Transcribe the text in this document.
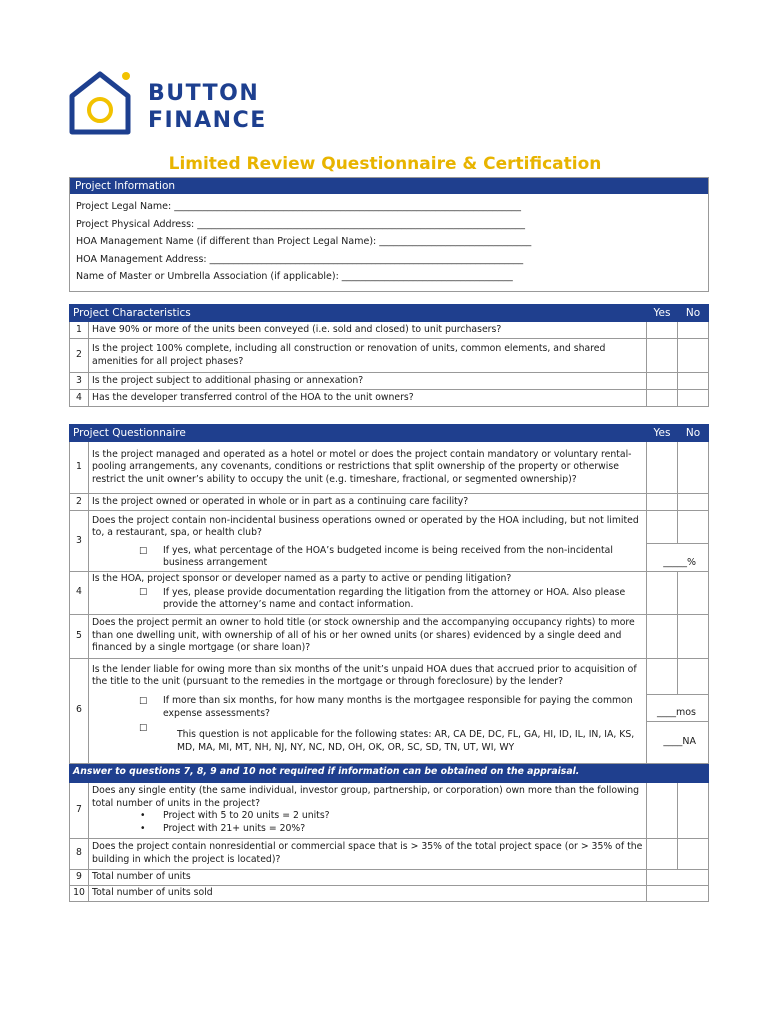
BUTTON
FINANCE
Limited Review Questionnaire & Certification
Project Information
Project Legal Name: _________________________________________________________________________
Project Physical Address: _____________________________________________________________________
HOA Management Name (if different than Project Legal Name): ________________________________
HOA Management Address: __________________________________________________________________
Name of Master or Umbrella Association (if applicable): ____________________________________
Project Characteristics		Yes	No
1	Have 90% or more of the units been conveyed (i.e. sold and closed) to unit purchasers?		
2	Is the project 100% complete, including all construction or renovation of units, common elements, and shared amenities for all project phases?		
3	Is the project subject to additional phasing or annexation?		
4	Has the developer transferred control of the HOA to the unit owners?		
Project Questionnaire		Yes	No
1	Is the project managed and operated as a hotel or motel or does the project contain mandatory or voluntary rental-pooling arrangements, any covenants, conditions or restrictions that split ownership of the property or otherwise restrict the unit owner’s ability to occupy the unit (e.g. timeshare, fractional, or segmented ownership)?		
2	Is the project owned or operated in whole or in part as a continuing care facility?		
3	Does the project contain non-incidental business operations owned or operated by the HOA including, but not limited to, a restaurant, spa, or health club?		

	☐ If yes, what percentage of the HOA’s budgeted income is being received from the non-incidental business arrangement	_____%	
4	Is the HOA, project sponsor or developer named as a party to active or pending litigation?
☐ If yes, please provide documentation regarding the litigation from the attorney or HOA. Also please provide the attorney’s name and contact information.		

5	Does the project permit an owner to hold title (or stock ownership and the accompanying occupancy rights) to more than one dwelling unit, with ownership of all of his or her owned units (or shares) evidenced by a single deed and financed by a single mortgage (or share loan)?		
6	Is the lender liable for owing more than six months of the unit’s unpaid HOA dues that accrued prior to acquisition of the title to the unit (pursuant to the remedies in the mortgage or through foreclosure) by the lender?		

	☐ If more than six months, for how many months is the mortgagee responsible for paying the common expense assessments?	____mos	

	☐
This question is not applicable for the following states: AR, CA DE, DC, FL, GA, HI, ID, IL, IN, IA, KS, MD, MA, MI, MT, NH, NJ, NY, NC, ND, OH, OK, OR, SC, SD, TN, UT, WI, WY	____NA	
Answer to questions 7, 8, 9 and 10 not required if information can be obtained on the appraisal.			
7	Does any single entity (the same individual, investor group, partnership, or corporation) own more than the following total number of units in the project?
• Project with 5 to 20 units = 2 units?
• Project with 21+ units = 20%?		

8	Does the project contain nonresidential or commercial space that is > 35% of the total project space (or > 35% of the building in which the project is located)?		
9	Total number of units		
10	Total number of units sold		
